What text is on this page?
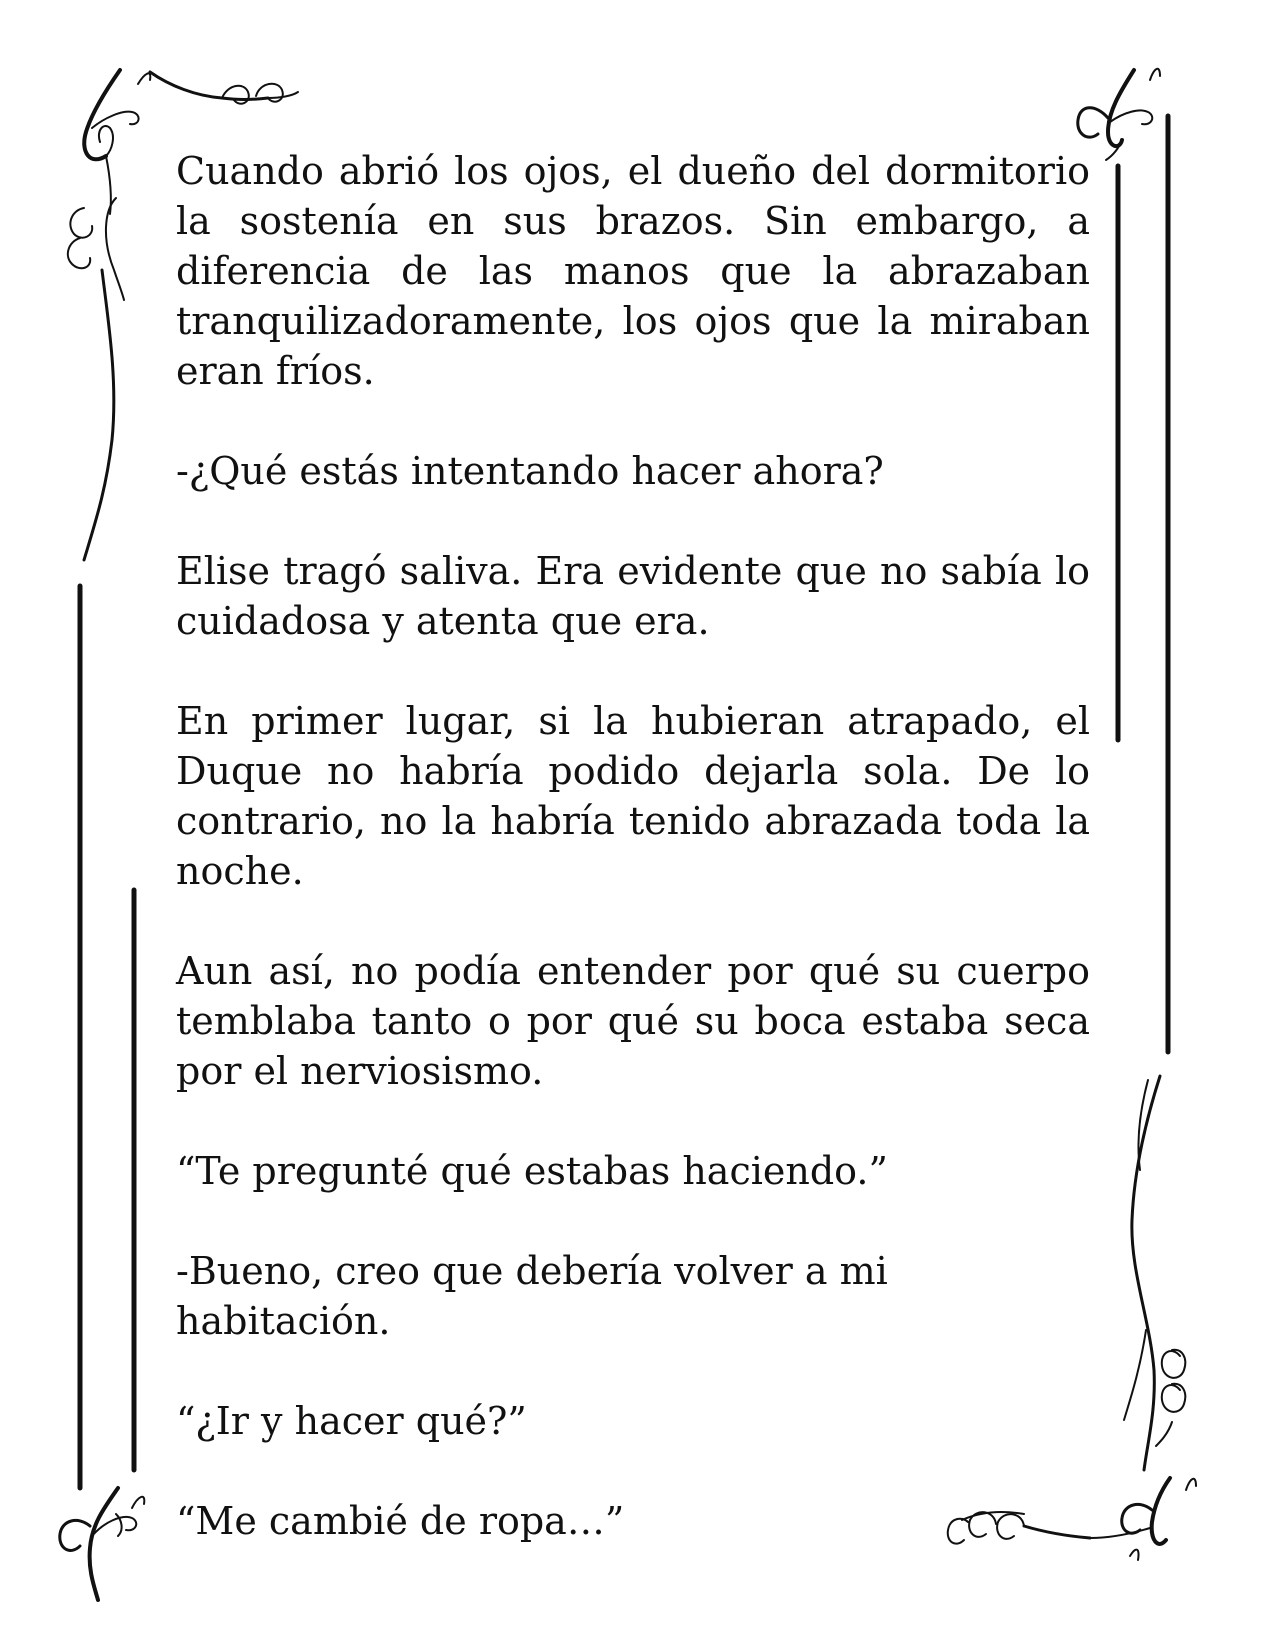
Cuando abrió los ojos, el dueño del dormitorio la sostenía en sus brazos. Sin embargo, a diferencia de las manos que la abrazaban tranquilizadoramente, los ojos que la miraban eran fríos.

-¿Qué estás intentando hacer ahora?

Elise tragó saliva. Era evidente que no sabía lo cuidadosa y atenta que era.

En primer lugar, si la hubieran atrapado, el Duque no habría podido dejarla sola. De lo contrario, no la habría tenido abrazada toda la noche.

Aun así, no podía entender por qué su cuerpo temblaba tanto o por qué su boca estaba seca por el nerviosismo.

“Te pregunté qué estabas haciendo.”

-Bueno, creo que debería volver a mi habitación.

“¿Ir y hacer qué?”

“Me cambié de ropa…”
